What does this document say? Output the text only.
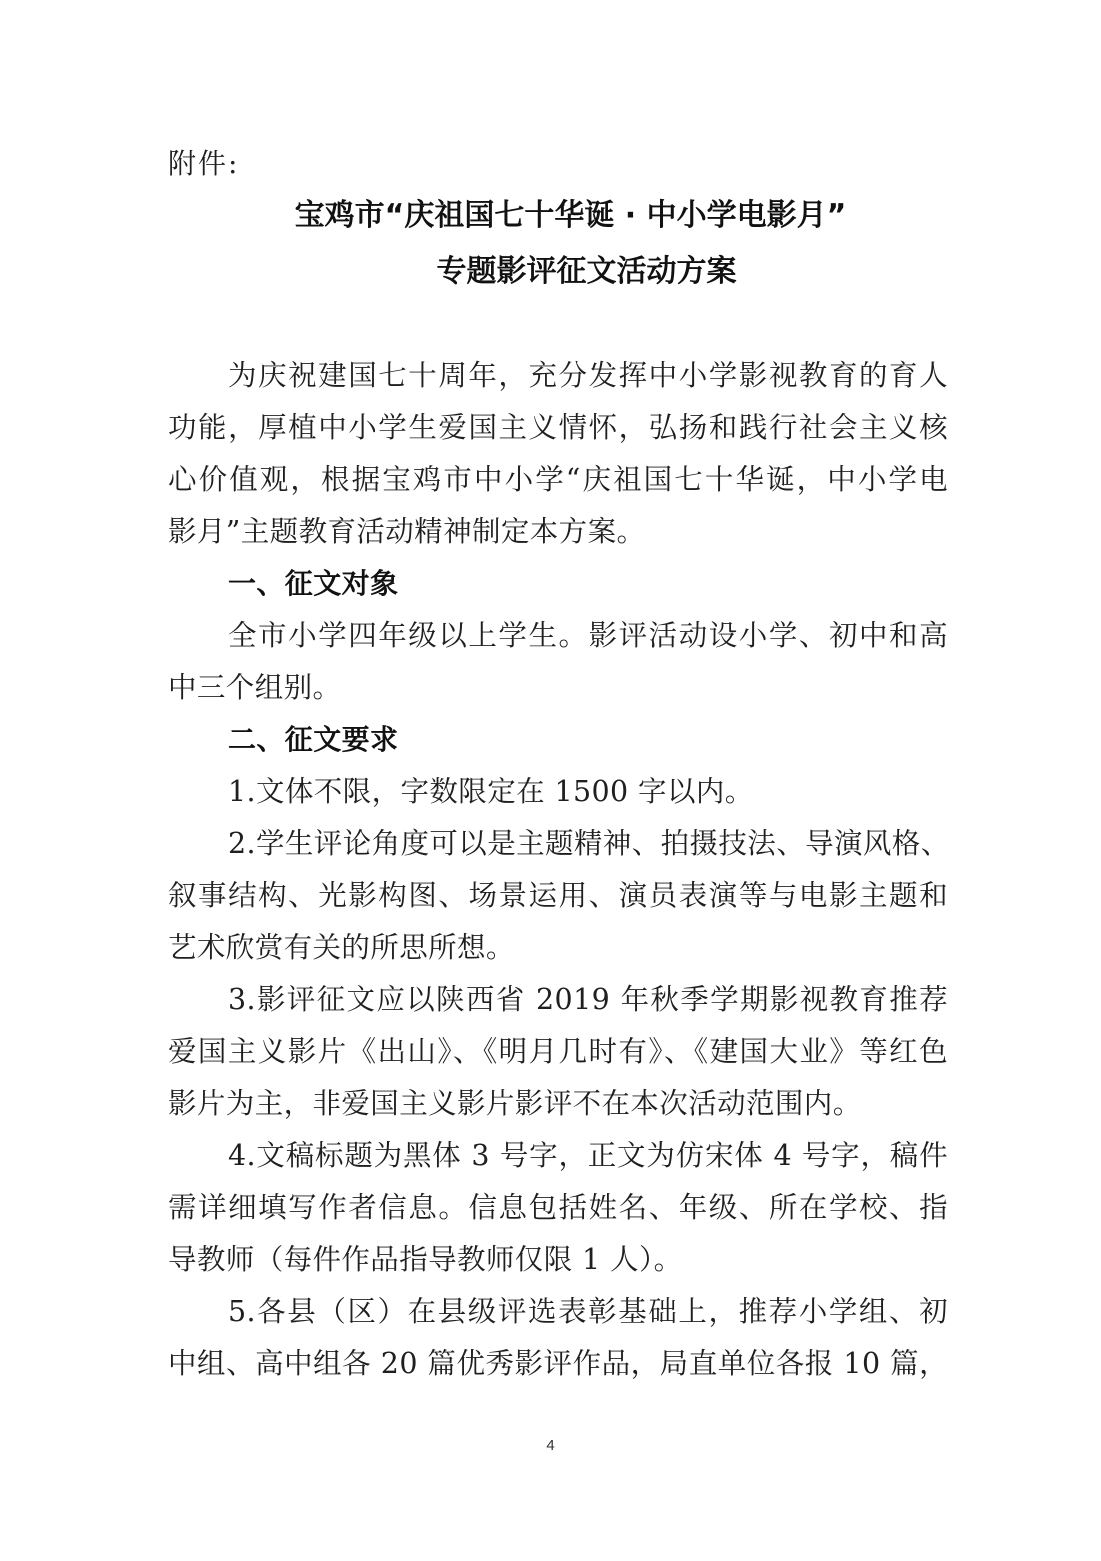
附件:
宝鸡市“庆祖国七十华诞 · 中小学电影月”
专题影评征文活动方案
为庆祝建国七十周年，充分发挥中小学影视教育的育人
功能，厚植中小学生爱国主义情怀，弘扬和践行社会主义核
心价值观，根据宝鸡市中小学“庆祖国七十华诞，中小学电
影月”主题教育活动精神制定本方案。
一、征文对象
全市小学四年级以上学生。影评活动设小学、初中和高
中三个组别。
二、征文要求
1.文体不限，字数限定在 1500 字以内。
2.学生评论角度可以是主题精神、拍摄技法、导演风格、
叙事结构、光影构图、场景运用、演员表演等与电影主题和
艺术欣赏有关的所思所想。
3.影评征文应以陕西省 2019 年秋季学期影视教育推荐
爱国主义影片《出山》、《明月几时有》、《建国大业》等红色
影片为主，非爱国主义影片影评不在本次活动范围内。
4.文稿标题为黑体 3 号字，正文为仿宋体 4 号字，稿件
需详细填写作者信息。信息包括姓名、年级、所在学校、指
导教师（每件作品指导教师仅限 1 人）。
5.各县（区）在县级评选表彰基础上，推荐小学组、初
中组、高中组各 20 篇优秀影评作品，局直单位各报 10 篇，
4
